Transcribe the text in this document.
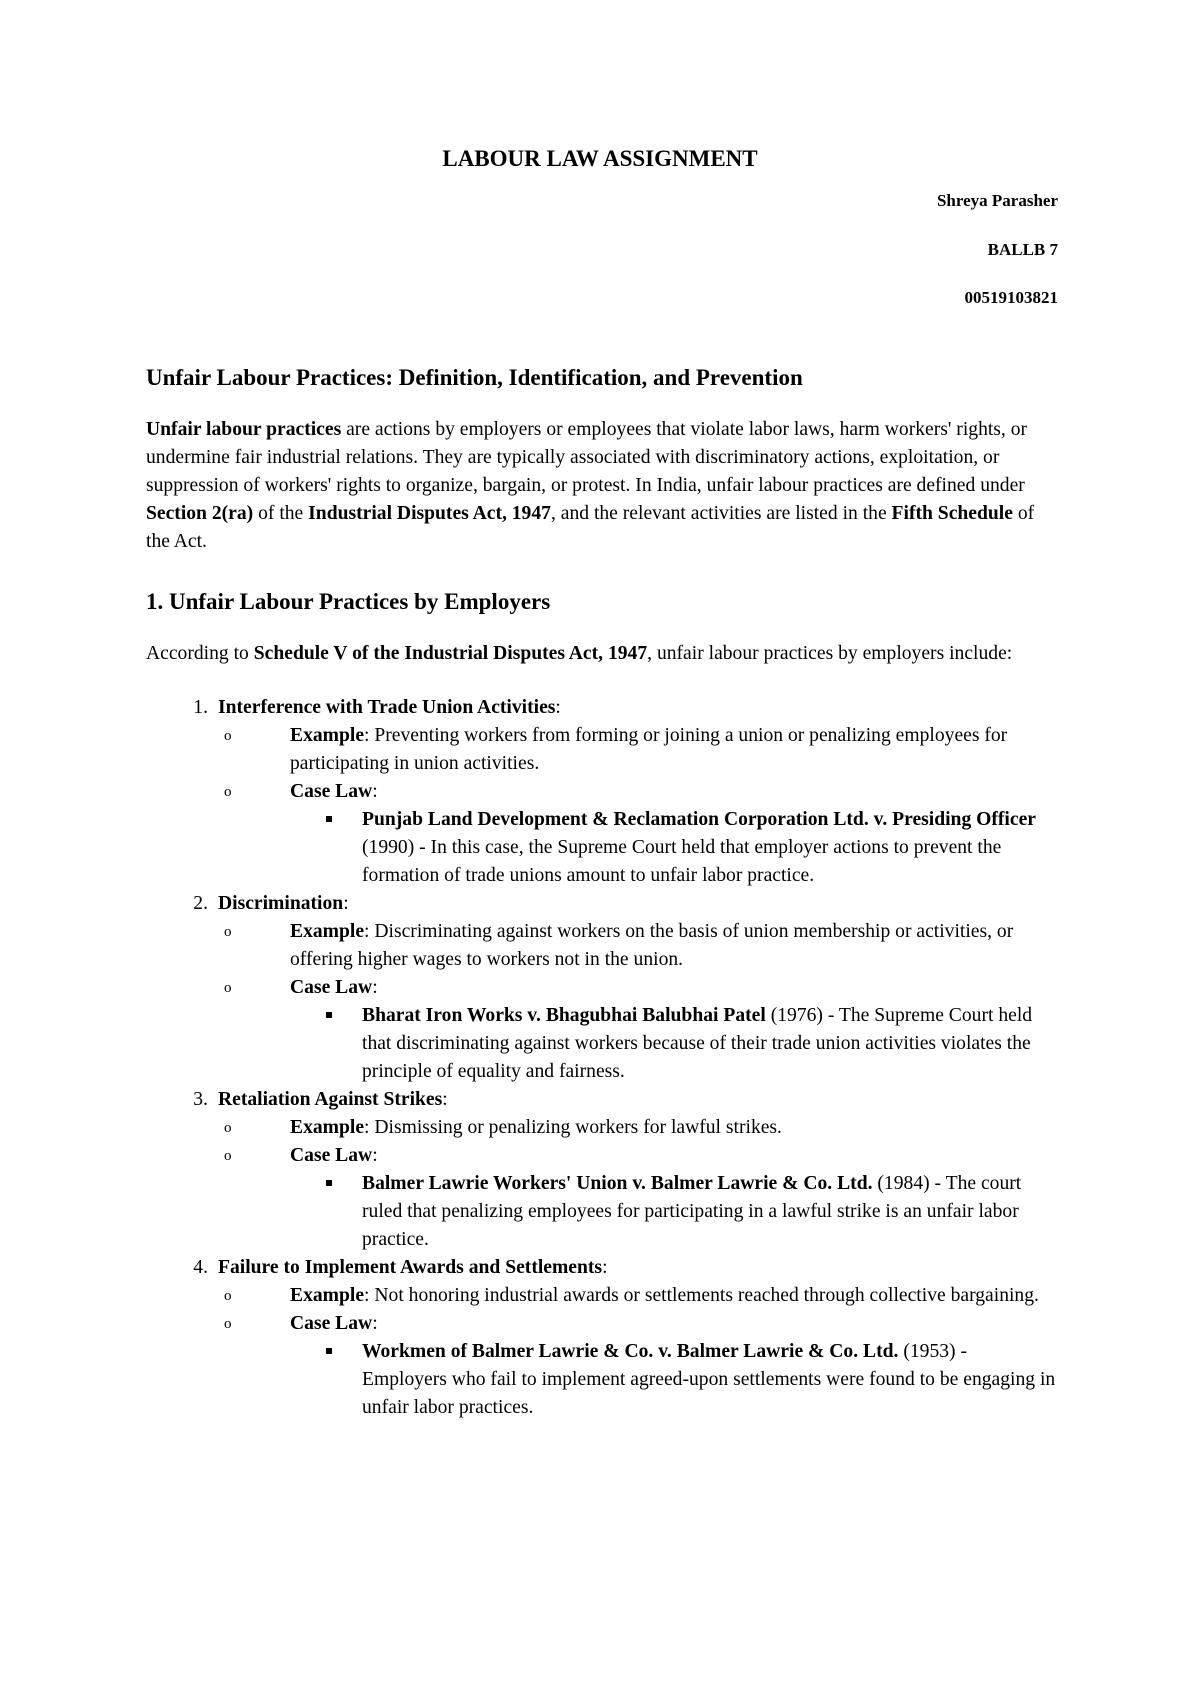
LABOUR LAW ASSIGNMENT

Shreya Parasher

BALLB 7

00519103821

Unfair Labour Practices: Definition, Identification, and Prevention

Unfair labour practices are actions by employers or employees that violate labor laws, harm workers' rights, or undermine fair industrial relations. They are typically associated with discriminatory actions, exploitation, or suppression of workers' rights to organize, bargain, or protest. In India, unfair labour practices are defined under Section 2(ra) of the Industrial Disputes Act, 1947, and the relevant activities are listed in the Fifth Schedule of the Act.

1. Unfair Labour Practices by Employers

According to Schedule V of the Industrial Disputes Act, 1947, unfair labour practices by employers include:

1. Interference with Trade Union Activities:
o	Example: Preventing workers from forming or joining a union or penalizing employees for participating in union activities.
o	Case Law:
Punjab Land Development & Reclamation Corporation Ltd. v. Presiding Officer (1990) - In this case, the Supreme Court held that employer actions to prevent the formation of trade unions amount to unfair labor practice.
2. Discrimination:
o	Example: Discriminating against workers on the basis of union membership or activities, or offering higher wages to workers not in the union.
o	Case Law:
Bharat Iron Works v. Bhagubhai Balubhai Patel (1976) - The Supreme Court held that discriminating against workers because of their trade union activities violates the principle of equality and fairness.
3. Retaliation Against Strikes:
o	Example: Dismissing or penalizing workers for lawful strikes.
o	Case Law:
Balmer Lawrie Workers' Union v. Balmer Lawrie & Co. Ltd. (1984) - The court ruled that penalizing employees for participating in a lawful strike is an unfair labor practice.
4. Failure to Implement Awards and Settlements:
o	Example: Not honoring industrial awards or settlements reached through collective bargaining.
o	Case Law:
Workmen of Balmer Lawrie & Co. v. Balmer Lawrie & Co. Ltd. (1953) - Employers who fail to implement agreed-upon settlements were found to be engaging in unfair labor practices.
